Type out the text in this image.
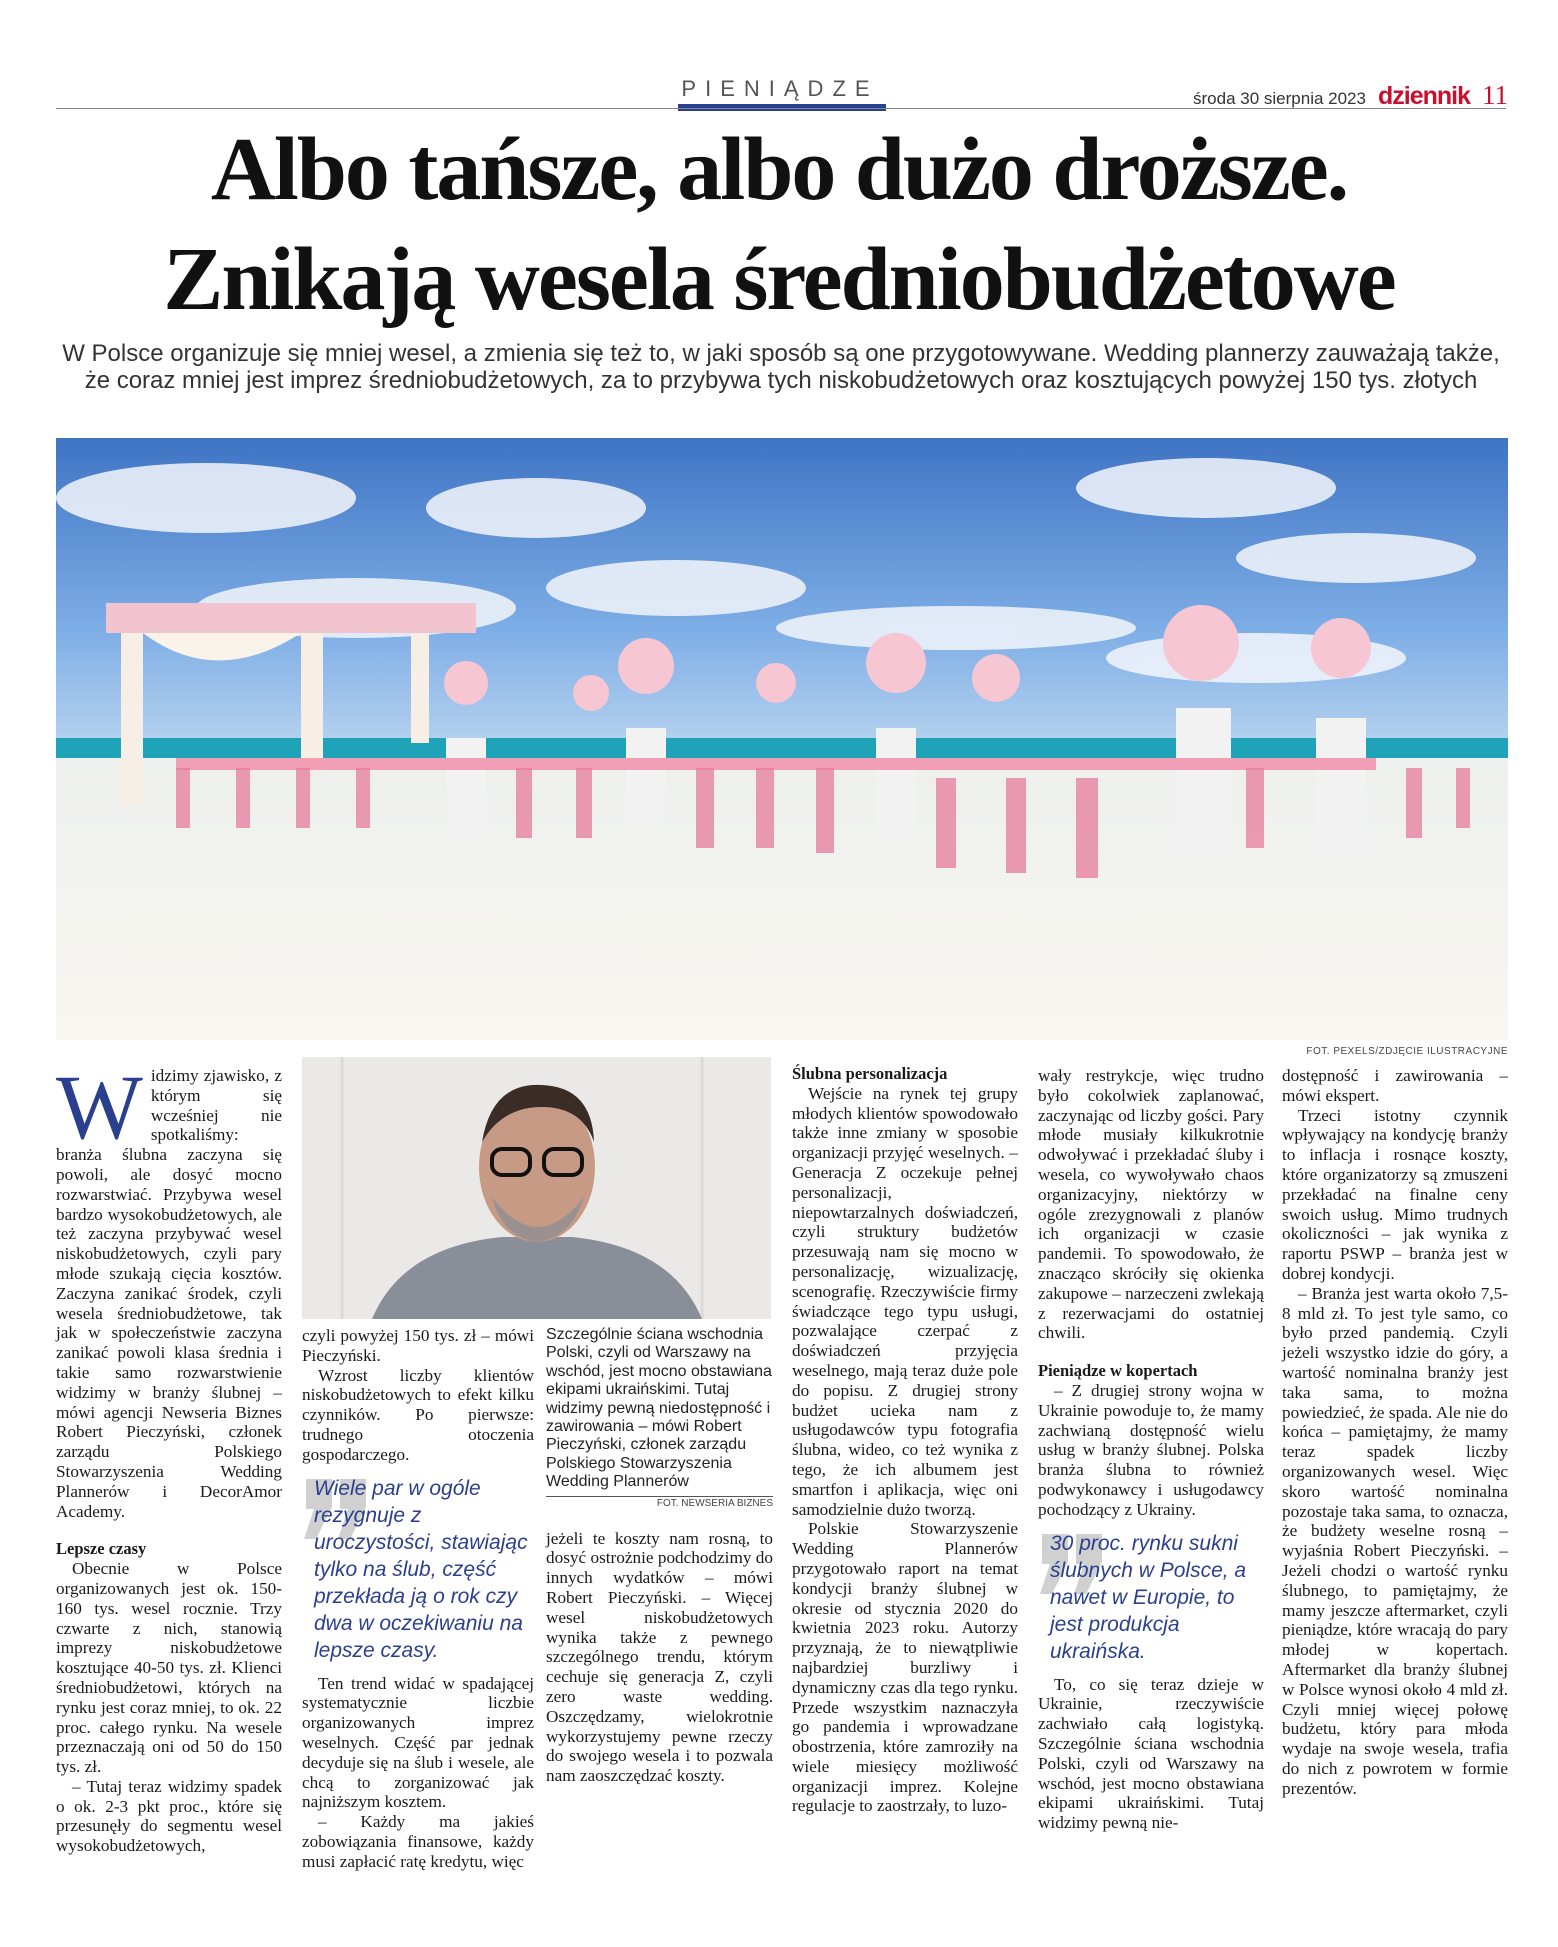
PIENIĄDZE	środa 30 sierpnia 2023 dziennik 11
Albo tańsze, albo dużo droższe.
Znikają wesela średniobudżetowe
W Polsce organizuje się mniej wesel, a zmienia się też to, w jaki sposób są one przygotowywane. Wedding plannerzy zauważają także, że coraz mniej jest imprez średniobudżetowych, za to przybywa tych niskobudżetowych oraz kosztujących powyżej 150 tys. złotych
FOT. PEXELS/ZDJĘCIE ILUSTRACYJNE
W idzimy zjawisko, z którym się wcześniej nie spotkaliśmy: branża ślubna zaczyna się powoli, ale dosyć mocno rozwarstwiać. Przybywa wesel bardzo wysokobudżetowych, ale też zaczyna przybywać wesel niskobudżetowych, czyli pary młode szukają cięcia kosztów. Zaczyna zanikać środek, czyli wesela średniobudżetowe, tak jak w społeczeństwie zaczyna zanikać powoli klasa średnia i takie samo rozwarstwienie widzimy w branży ślubnej – mówi agencji Newseria Biznes Robert Pieczyński, członek zarządu Polskiego Stowarzyszenia Wedding Plannerów i DecorAmor Academy.

Lepsze czasy

Obecnie w Polsce organizowanych jest ok. 150-160 tys. wesel rocznie. Trzy czwarte z nich, stanowią imprezy niskobudżetowe kosztujące 40-50 tys. zł. Klienci średniobudżetowi, których na rynku jest coraz mniej, to ok. 22 proc. całego rynku. Na wesele przeznaczają oni od 50 do 150 tys. zł.

– Tutaj teraz widzimy spadek o ok. 2-3 pkt proc., które się przesunęły do segmentu wesel wysokobudżetowych,

czyli powyżej 150 tys. zł – mówi Pieczyński.

Wzrost liczby klientów niskobudżetowych to efekt kilku czynników. Po pierwsze: trudnego otoczenia gospodarczego.

Wiele par w ogóle rezygnuje z uroczystości, stawiając tylko na ślub, część przekłada ją o rok czy dwa w oczekiwaniu na lepsze czasy.

Ten trend widać w spadającej systematycznie liczbie organizowanych imprez weselnych. Część par jednak decyduje się na ślub i wesele, ale chcą to zorganizować jak najniższym kosztem.

– Każdy ma jakieś zobowiązania finansowe, każdy musi zapłacić ratę kredytu, więc

Szczególnie ściana wschodnia Polski, czyli od Warszawy na wschód, jest mocno obstawiana ekipami ukraińskimi. Tutaj widzimy pewną niedostępność i zawirowania – mówi Robert Pieczyński, członek zarządu Polskiego Stowarzyszenia Wedding Plannerów
FOT. NEWSERIA BIZNES

jeżeli te koszty nam rosną, to dosyć ostrożnie podchodzimy do innych wydatków – mówi Robert Pieczyński. – Więcej wesel niskobudżetowych wynika także z pewnego szczególnego trendu, którym cechuje się generacja Z, czyli zero waste wedding. Oszczędzamy, wielokrotnie wykorzystujemy pewne rzeczy do swojego wesela i to pozwala nam zaoszczędzać koszty.

Ślubna personalizacja

Wejście na rynek tej grupy młodych klientów spowodowało także inne zmiany w sposobie organizacji przyjęć weselnych. – Generacja Z oczekuje pełnej personalizacji, niepowtarzalnych doświadczeń, czyli struktury budżetów przesuwają nam się mocno w personalizację, wizualizację, scenografię. Rzeczywiście firmy świadczące tego typu usługi, pozwalające czerpać z doświadczeń przyjęcia weselnego, mają teraz duże pole do popisu. Z drugiej strony budżet ucieka nam z usługodawców typu fotografia ślubna, wideo, co też wynika z tego, że ich albumem jest smartfon i aplikacja, więc oni samodzielnie dużo tworzą.

Polskie Stowarzyszenie Wedding Plannerów przygotowało raport na temat kondycji branży ślubnej w okresie od stycznia 2020 do kwietnia 2023 roku. Autorzy przyznają, że to niewątpliwie najbardziej burzliwy i dynamiczny czas dla tego rynku. Przede wszystkim naznaczyła go pandemia i wprowadzane obostrzenia, które zamroziły na wiele miesięcy możliwość organizacji imprez. Kolejne regulacje to zaostrzały, to luzo-

wały restrykcje, więc trudno było cokolwiek zaplanować, zaczynając od liczby gości. Pary młode musiały kilkukrotnie odwoływać i przekładać śluby i wesela, co wywoływało chaos organizacyjny, niektórzy w ogóle zrezygnowali z planów ich organizacji w czasie pandemii. To spowodowało, że znacząco skróciły się okienka zakupowe – narzeczeni zwlekają z rezerwacjami do ostatniej chwili.

Pieniądze w kopertach

– Z drugiej strony wojna w Ukrainie powoduje to, że mamy zachwianą dostępność wielu usług w branży ślubnej. Polska branża ślubna to również podwykonawcy i usługodawcy pochodzący z Ukrainy.

30 proc. rynku sukni ślubnych w Polsce, a nawet w Europie, to jest produkcja ukraińska.

To, co się teraz dzieje w Ukrainie, rzeczywiście zachwiało całą logistyką. Szczególnie ściana wschodnia Polski, czyli od Warszawy na wschód, jest mocno obstawiana ekipami ukraińskimi. Tutaj widzimy pewną nie-

dostępność i zawirowania – mówi ekspert.

Trzeci istotny czynnik wpływający na kondycję branży to inflacja i rosnące koszty, które organizatorzy są zmuszeni przekładać na finalne ceny swoich usług. Mimo trudnych okoliczności – jak wynika z raportu PSWP – branża jest w dobrej kondycji.

– Branża jest warta około 7,5-8 mld zł. To jest tyle samo, co było przed pandemią. Czyli jeżeli wszystko idzie do góry, a wartość nominalna branży jest taka sama, to można powiedzieć, że spada. Ale nie do końca – pamiętajmy, że mamy teraz spadek liczby organizowanych wesel. Więc skoro wartość nominalna pozostaje taka sama, to oznacza, że budżety weselne rosną – wyjaśnia Robert Pieczyński. – Jeżeli chodzi o wartość rynku ślubnego, to pamiętajmy, że mamy jeszcze aftermarket, czyli pieniądze, które wracają do pary młodej w kopertach. Aftermarket dla branży ślubnej w Polsce wynosi około 4 mld zł. Czyli mniej więcej połowę budżetu, który para młoda wydaje na swoje wesela, trafia do nich z powrotem w formie prezentów.
